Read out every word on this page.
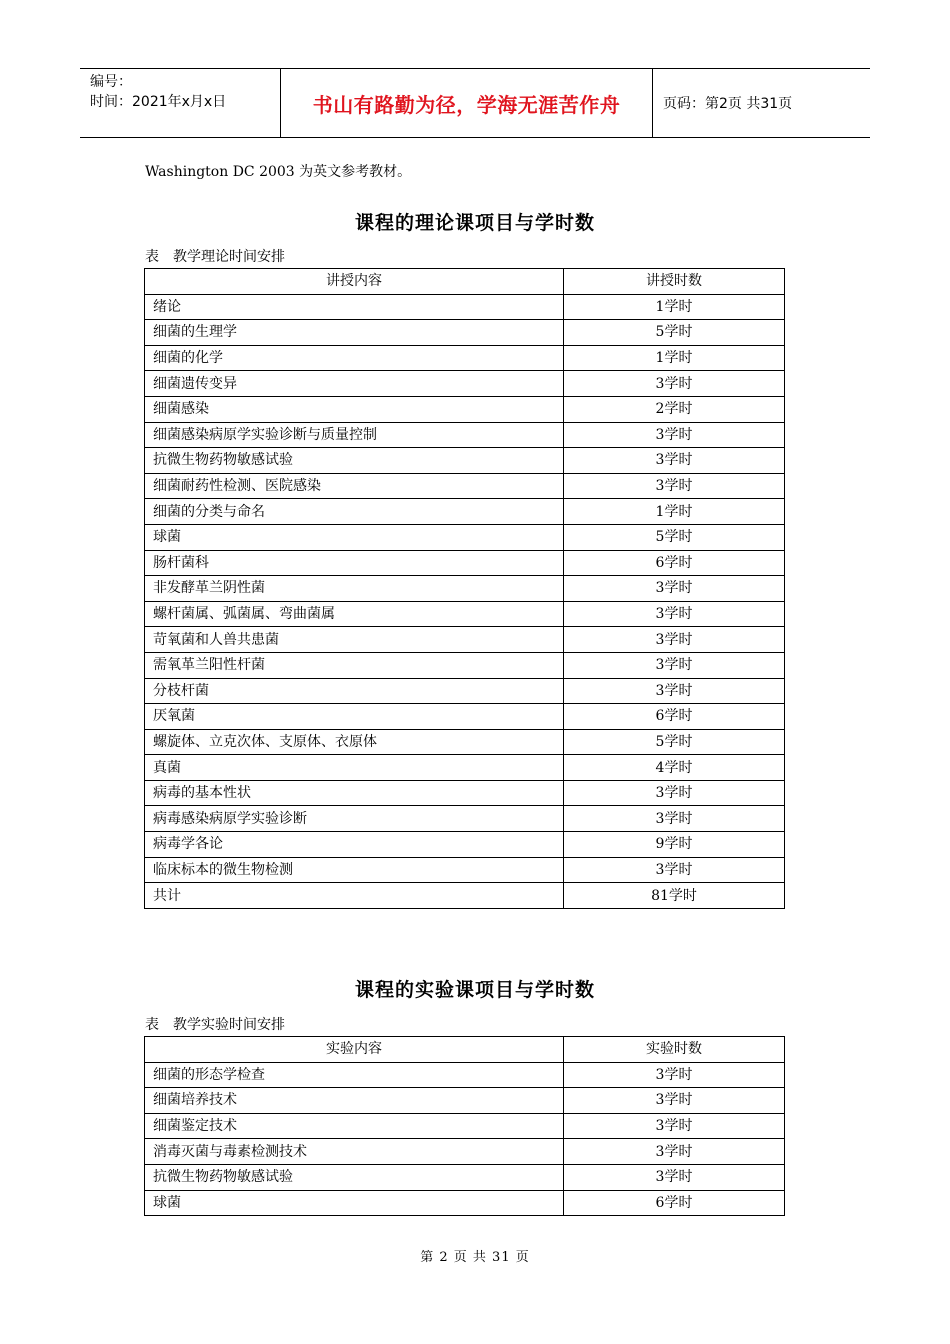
编号：
时间：2021年x月x日	书山有路勤为径，学海无涯苦作舟	页码：第2页 共31页
Washington DC 2003 为英文参考教材。
课程的理论课项目与学时数
表　教学理论时间安排
讲授内容	讲授时数
绪论	1学时
细菌的生理学	5学时
细菌的化学	1学时
细菌遗传变异	3学时
细菌感染	2学时
细菌感染病原学实验诊断与质量控制	3学时
抗微生物药物敏感试验	3学时
细菌耐药性检测、医院感染	3学时
细菌的分类与命名	1学时
球菌	5学时
肠杆菌科	6学时
非发酵革兰阴性菌	3学时
螺杆菌属、弧菌属、弯曲菌属	3学时
苛氧菌和人兽共患菌	3学时
需氧革兰阳性杆菌	3学时
分枝杆菌	3学时
厌氧菌	6学时
螺旋体、立克次体、支原体、衣原体	5学时
真菌	4学时
病毒的基本性状	3学时
病毒感染病原学实验诊断	3学时
病毒学各论	9学时
临床标本的微生物检测	3学时
共计	81学时
课程的实验课项目与学时数
表　教学实验时间安排
实验内容	实验时数
细菌的形态学检查	3学时
细菌培养技术	3学时
细菌鉴定技术	3学时
消毒灭菌与毒素检测技术	3学时
抗微生物药物敏感试验	3学时
球菌	6学时
第 2 页 共 31 页
